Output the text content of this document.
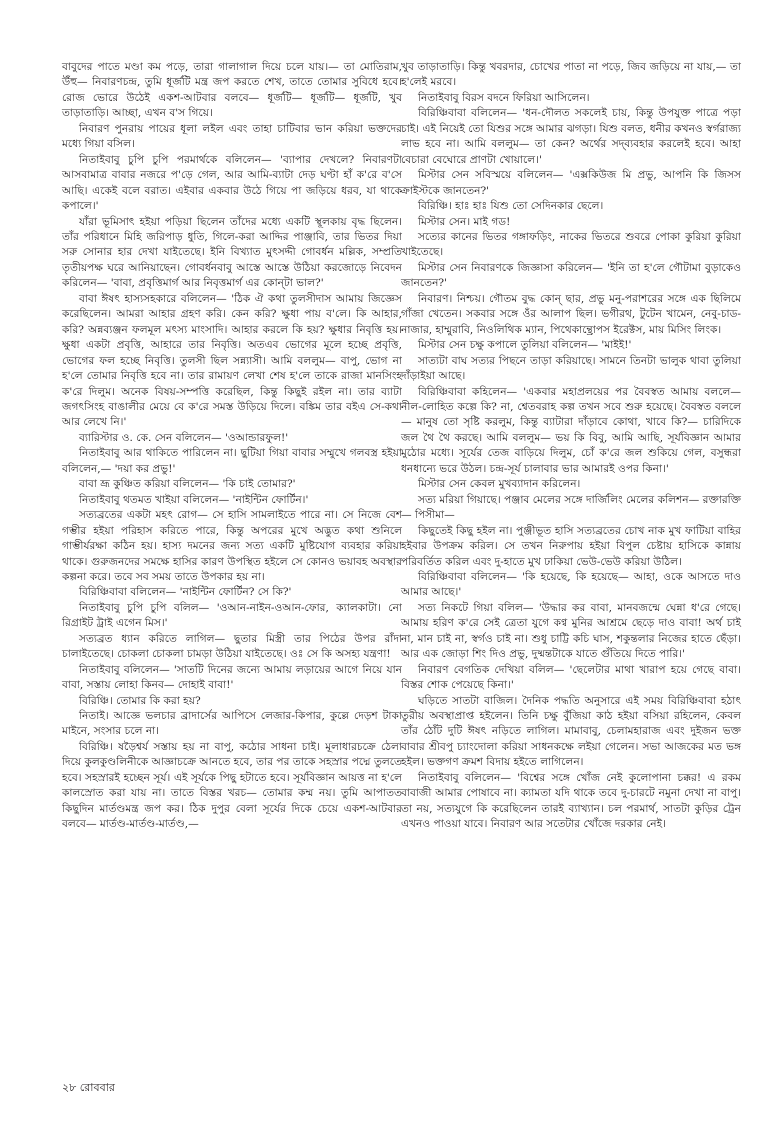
বাবুদের পাতে মণ্ডা কম পড়ে, তারা গালাগাল দিয়ে চলে যায়।— তা মোতিরাম, উঁহু— নিবারণচন্দ্র, তুমি ধূর্জটি মন্ত্র জপ করতে শেখ, তাতে তোমার সুবিধে হবে। রোজ ভোরে উঠেই একশ-আটবার বলবে— ধূর্জটি— ধূর্জটি— ধূর্জটি, খুব তাড়াতাড়ি। আচ্ছা, এখন ব'স গিয়ে।

নিবারণ পুনরায় পায়ের ধূলা লইল এবং তাহা চাটিবার ভান করিয়া ভক্তদের মধ্যে গিয়া বসিল।

নিতাইবাবু চুপি চুপি পরমার্থকে বলিলেন— 'ব্যাপার দেখলে? নিবারণটা আসবামাত্র বাবার নজরে প'ড়ে গেল, আর আমি-ব্যাটা দেড় ঘণ্টা হাঁ ক'রে ব'সে আছি। একেই বলে বরাত। এইবার একবার উঠে গিয়ে পা জড়িয়ে ধরব, যা থাকে কপালে।'

যাঁরা ভূমিসাৎ হইয়া পড়িয়া ছিলেন তাঁদের মধ্যে একটি স্থূলকায় বৃদ্ধ ছিলেন। তাঁর পরিধানে মিহি জরিপাড় ধুতি, গিলে-করা আদ্দির পাঞ্জাবি, তার ভিতর দিয়া সরু সোনার হার দেখা যাইতেছে। ইনি বিখ্যাত মুৎসদ্দী গোবর্ধন মল্লিক, সম্প্রতি তৃতীয়পক্ষ ঘরে আনিয়াছেন। গোবর্ধনবাবু আস্তে আস্তে উঠিয়া করজোড়ে নিবেদন করিলেন— 'বাবা, প্রবৃত্তিমার্গ আর নিবৃত্তমার্গ এর কোন্‌টা ভাল?'

বাবা ঈষৎ হাস্যসহকারে বলিলেন— 'ঠিক ঐ কথা তুলসীদাস আমায় জিজ্ঞেস করেছিলেন। আমরা আহার গ্রহণ করি। কেন করি? ক্ষুধা পায় ব'লে। কি আহার, করি? অন্নব্যঞ্জন ফলমূল মৎস্য মাংসাদি। আহার করলে কি হয়? ক্ষুধার নিবৃত্তি হয়। ক্ষুধা একটা প্রবৃত্তি, আহারে তার নিবৃত্তি। অতএব ভোগের মূলে হচ্ছে প্রবৃত্তি, ভোগের ফল হচ্ছে নিবৃত্তি। তুলসী ছিল সন্ন্যাসী। আমি বললুম— বাপু, ভোগ না হ'লে তোমার নিবৃত্তি হবে না। তার রামায়ণ লেখা শেষ হ'লে তাকে রাজা মানসিংহ ক'রে দিলুম। অনেক বিষয়-সম্পত্তি করেছিল, কিন্তু কিছুই রইল না। তার ব্যাটা জগৎসিংহ বাঙালীর মেয়ে বে ক'রে সমস্ত উড়িয়ে দিলে। বঙ্কিম তার বইএ সে-কথা আর লেখে নি।'

ব্যারিস্টার ও. কে. সেন বলিলেন— 'ওআন্ডারফুল!'

নিতাইবাবু আর থাকিতে পারিলেন না। ছুটিয়া গিয়া বাবার সম্মুখে গলবস্ত্র হইয়া বলিলেন,— 'দয়া কর প্রভু!'

বাবা ভ্রূ কুঞ্চিত করিয়া বলিলেন— 'কি চাই তোমার?'

নিতাইবাবু থতমত খাইয়া বলিলেন— 'নাইন্টিন ফোর্টিন।'

সত্যব্রতের একটা মহৎ রোগ— সে হাসি সামলাইতে পারে না। সে নিজে বেশ গম্ভীর হইয়া পরিহাস করিতে পারে, কিন্তু অপরের মুখে অদ্ভুত কথা শুনিলে গাম্ভীর্যরক্ষা কঠিন হয়। হাস্য দমনের জন্য সত্য একটি মুষ্টিযোগ ব্যবহার করিয়া থাকে। গুরুজনদের সমক্ষে হাসির কারণ উপস্থিত হইলে সে কোনও ভয়াবহ অবস্থার কল্পনা করে। তবে সব সময় তাতে উপকার হয় না।

বিরিঞ্চিবাবা বলিলেন— 'নাইন্টিন ফোর্টিন? সে কি?'

নিতাইবাবু চুপি চুপি বলিল— 'ওআন-নাইন-ওআন-ফোর, ক্যালকাটা। নো রিগ্রাইট ট্রাই এগেন মিস।'

সত্যব্রত ধ্যান করিতে লাগিল— ছুতার মিস্ত্রী তার পিঠের উপর রাঁদা চালাইতেছে। চোকলা চোকলা চামড়া উঠিয়া যাইতেছে। ওঃ সে কি অসহ্য যন্ত্রণা!

নিতাইবাবু বলিলেন— 'সাতটি দিনের জন্যে আমায় লড়ায়ের আগে নিয়ে যান বাবা, সস্তায় লোহা কিনব— দোহাই বাবা!'

বিরিঞ্চি। তোমার কি করা হয়?

নিতাই। আজ্ঞে ভলচার ব্রাদার্সের আপিসে লেজার-কিপার, কুল্লে দেড়শ টাকা মাইনে, সংসার চলে না।

বিরিঞ্চি। ষড়ৈশ্বর্য সস্তায় হয় না বাপু, কঠোর সাধনা চাই। মূলাধারচক্রে ঠেলা দিয়ে কুলকুণ্ডলিনীকে আজ্ঞাচক্রে আনতে হবে, তার পর তাকে সহস্রার পদ্মে তুলতে হবে। সহস্রারই হচ্ছেন সূর্য। এই সূর্যকে পিছু হটাতে হবে। সূর্যবিজ্ঞান আয়ত্ত না হ'লে কালস্রোত করা যায় না। তাতে বিস্তর খরচ— তোমার কম্ম নয়। তুমি আপাতত কিছুদিন মার্তণ্ডমন্ত্র জপ কর। ঠিক দুপুর বেলা সূর্যের দিকে চেয়ে একশ-আটবার বলবে— মার্তণ্ড-মার্তণ্ড-মার্তণ্ড,—

খুব তাড়াতাড়ি। কিন্তু খবরদার, চোখের পাতা না পড়ে, জিব জড়িয়ে না যায়,— তা হ'লেই মরবে।

নিতাইবাবু বিরস বদনে ফিরিয়া আসিলেন।

বিরিঞ্চিবাবা বলিলেন— 'ধন-দৌলত সকলেই চায়, কিন্তু উপযুক্ত পাত্রে পড়া চাই। এই নিয়েই তো যিশুর সঙ্গে আমার ঝগড়া। যিশু বলত, ধনীর কখনও স্বর্গরাজ্য লাভ হবে না। আমি বললুম— তা কেন? অর্থের সদ্‌ব্যবহার করলেই হবে। আহা বেচারা বেঘোরে প্রাণটা খোয়ালে।'

মিস্টার সেন সবিস্ময়ে বলিলেন— 'এক্সকিউজ মি প্রভু, আপনি কি জিসস ক্রাইস্টকে জানতেন?'

বিরিঞ্চি। হাঃ হাঃ যিশু তো সেদিনকার ছেলে।

মিস্টার সেন। মাই গড!

সত্যের কানের ভিতর গঙ্গাফড়িং, নাকের ভিতরে শুবরে পোকা কুরিয়া কুরিয়া খাইতেছে।

মিস্টার সেন নিবারণকে জিজ্ঞাসা করিলেন— 'ইনি তা হ'লে গৌটামা বুড়াকেও জানতেন?'

নিবারণ। নিশ্চয়। গৌতম বুদ্ধ কোন্‌ ছার, প্রভু মনু-পরাশরের সঙ্গে এক ছিলিমে গাঁজা খেতেন। সকবার সঙ্গে ওঁর আলাপ ছিল। ভগীরথ, টুটেন খামেন, নেবু-চাড-নাজার, হাম্মুরাবি, নিওলিথিক ম্যান, পিথেকান্থ্রোপস ইরেক্টস, মায় মিসিং লিংক।

মিস্টার সেন চক্ষু কপালে তুলিয়া বলিলেন— 'মাইই!'

সাত্যটা বাঘ সত্যর পিছনে তাড়া করিয়াছে। সামনে তিনটা ভালুক থাবা তুলিয়া দাঁড়াইয়া আছে।

বিরিঞ্চিবাবা কহিলেন— 'একবার মহাপ্রলয়ের পর বৈবস্বত আমায় বললে— নীল-লোহিত কল্পে কি? না, শ্বেতবরাহ কল্প তখন সবে শুরু হয়েছে। বৈবস্বত বললে— মানুষ তো সৃষ্টি করলুম, কিন্তু ব্যাটারা দাঁড়াবে কোথা, খাবে কি?— চারিদিকে জল থৈ থৈ করছে। আমি বললুম— ভয় কি বিবু, আমি আছি, সূর্যবিজ্ঞান আমার মুঠোর মধ্যে। সূর্যের তেজ বাড়িয়ে দিলুম, চোঁ ক'রে জল শুকিয়ে গেল, বসুন্ধরা ধনধান্যে ভরে উঠল। চন্দ্র-সূর্য চালাবার ভার আমারই ওপর কিনা।'

মিস্টার সেন কেবল মুখব্যাদান করিলেন।

সত্য মরিয়া গিয়াছে। পঞ্জাব মেলের সঙ্গে দার্জিলিং মেলের কলিশন— রক্তারক্তি— পিসীমা—

কিছুতেই কিছু হইল না। পুঞ্জীভূত হাসি সত্যব্রতের চোখ নাক মুখ ফাটিয়া বাহির হইবার উপক্রম করিল। সে তখন নিরুপায় হইয়া বিপুল চেষ্টায় হাসিকে কান্নায় পরিবর্তিত করিল এবং দু-হাতে মুখ ঢাকিয়া ভেউ-ভেউ করিয়া উঠিল।

বিরিঞ্চিবাবা বলিলেন— 'কি হয়েছে, কি হয়েছে— আহা, ওকে আসতে দাও আমার আছে।'

সত্য নিকটে গিয়া বলিল— 'উদ্ধার কর বাবা, মানবজন্মে ঘেন্না ধ'রে গেছে। আমায় হরিণ ক'রে সেই ত্রেতা যুগে কণ্ব মুনির আশ্রমে ছেড়ে দাও বাবা! অর্থ চাই না, মান চাই না, স্বর্গও চাই না। শুধু চাট্টি কচি ঘাস, শকুন্তলার নিজের হাতে ছেঁড়া। আর এক জোড়া শিং দিও প্রভু, দুষ্মন্তটাকে যাতে গুঁতিয়ে দিতে পারি।'

নিবারণ বেগতিক দেখিয়া বলিল— 'ছেলেটার মাথা খারাপ হয়ে গেছে বাবা। বিস্তর শোক পেয়েছে কিনা।'

ঘড়িতে সাতটা বাজিল। দৈনিক পদ্ধতি অনুসারে এই সময় বিরিঞ্চিবাবা হঠাৎ তুরীয় অবস্থাপ্রাপ্ত হইলেন। তিনি চক্ষু বুঁজিয়া কাঠ হইয়া বসিয়া রহিলেন, কেবল তাঁর ঠোঁট দুটি ঈষৎ নড়িতে লাগিল। মামাবাবু, চেলামহারাজ এবং দুইজন ভক্ত বাবার শ্রীবপু চ্যাংদোলা করিয়া সাধনকক্ষে লইয়া গেলেন। সভা আজকের মত ভঙ্গ হইল। ভক্তগণ ক্রমশ বিদায় হইতে লাগিলেন।

নিতাইবাবু বলিলেন— 'বিশ্বের সঙ্গে খোঁজ নেই কুলোপানা চক্কর! এ রকম বাবাজী আমার পোষাবে না। ক্যামতা যদি থাকে তবে দু-চারটে নমুনা দেখা না বাপু। তা নয়, সত্যযুগে কি করেছিলেন তারই ব্যাখ্যান। চল পরমার্থ, সাতটা কুড়ির ট্রেন এখনও পাওয়া যাবে। নিবারণ আর সতেটার খোঁজে দরকার নেই।

২৮ রোববার
